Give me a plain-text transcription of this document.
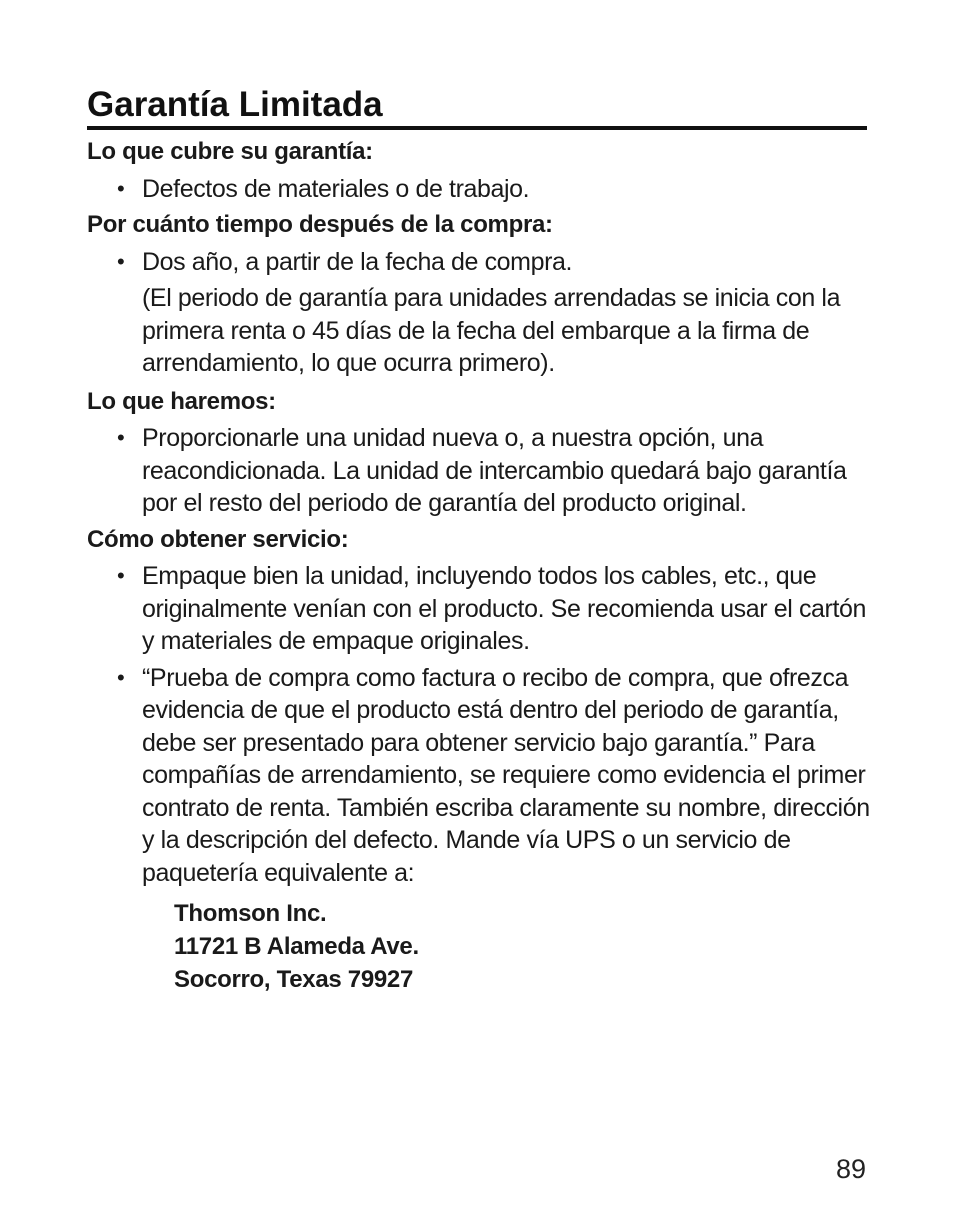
Garantía Limitada
Lo que cubre su garantía:
• Defectos de materiales o de trabajo.
Por cuánto tiempo después de la compra:
• Dos año, a partir de la fecha de compra.
(El periodo de garantía para unidades arrendadas se inicia con la primera renta o 45 días de la fecha del embarque a la firma de arrendamiento, lo que ocurra primero).
Lo que haremos:
• Proporcionarle una unidad nueva o, a nuestra opción, una reacondicionada. La unidad de intercambio quedará bajo garantía por el resto del periodo de garantía del producto original.
Cómo obtener servicio:
• Empaque bien la unidad, incluyendo todos los cables, etc., que originalmente venían con el producto. Se recomienda usar el cartón y materiales de empaque originales.
• “Prueba de compra como factura o recibo de compra, que ofrezca evidencia de que el producto está dentro del periodo de garantía, debe ser presentado para obtener servicio bajo garantía.” Para compañías de arrendamiento, se requiere como evidencia el primer contrato de renta. También escriba claramente su nombre, dirección y la descripción del defecto. Mande vía UPS o un servicio de paquetería equivalente a:
Thomson Inc.
11721 B Alameda Ave.
Socorro, Texas 79927
89
